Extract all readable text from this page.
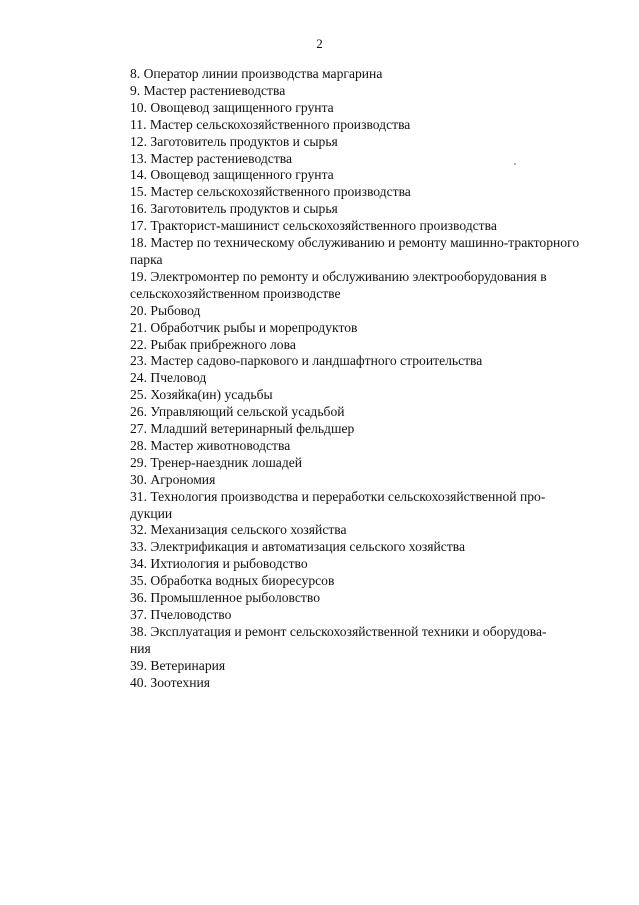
2
8. Оператор линии производства маргарина
9. Мастер растениеводства
10. Овощевод защищенного грунта
11. Мастер сельскохозяйственного производства
12. Заготовитель продуктов и сырья
13. Мастер растениеводства
14. Овощевод защищенного грунта
15. Мастер сельскохозяйственного производства
16. Заготовитель продуктов и сырья
17. Тракторист-машинист сельскохозяйственного производства
18. Мастер по техническому обслуживанию и ремонту машинно-тракторного
парка
19. Электромонтер по ремонту и обслуживанию электрооборудования в
сельскохозяйственном производстве
20. Рыбовод
21. Обработчик рыбы и морепродуктов
22. Рыбак прибрежного лова
23. Мастер садово-паркового и ландшафтного строительства
24. Пчеловод
25. Хозяйка(ин) усадьбы
26. Управляющий сельской усадьбой
27. Младший ветеринарный фельдшер
28. Мастер животноводства
29. Тренер-наездник лошадей
30. Агрономия
31. Технология производства и переработки сельскохозяйственной про-
дукции
32. Механизация сельского хозяйства
33. Электрификация и автоматизация сельского хозяйства
34. Ихтиология и рыбоводство
35. Обработка водных биоресурсов
36. Промышленное рыболовство
37. Пчеловодство
38. Эксплуатация и ремонт сельскохозяйственной техники и оборудова-
ния
39. Ветеринария
40. Зоотехния
